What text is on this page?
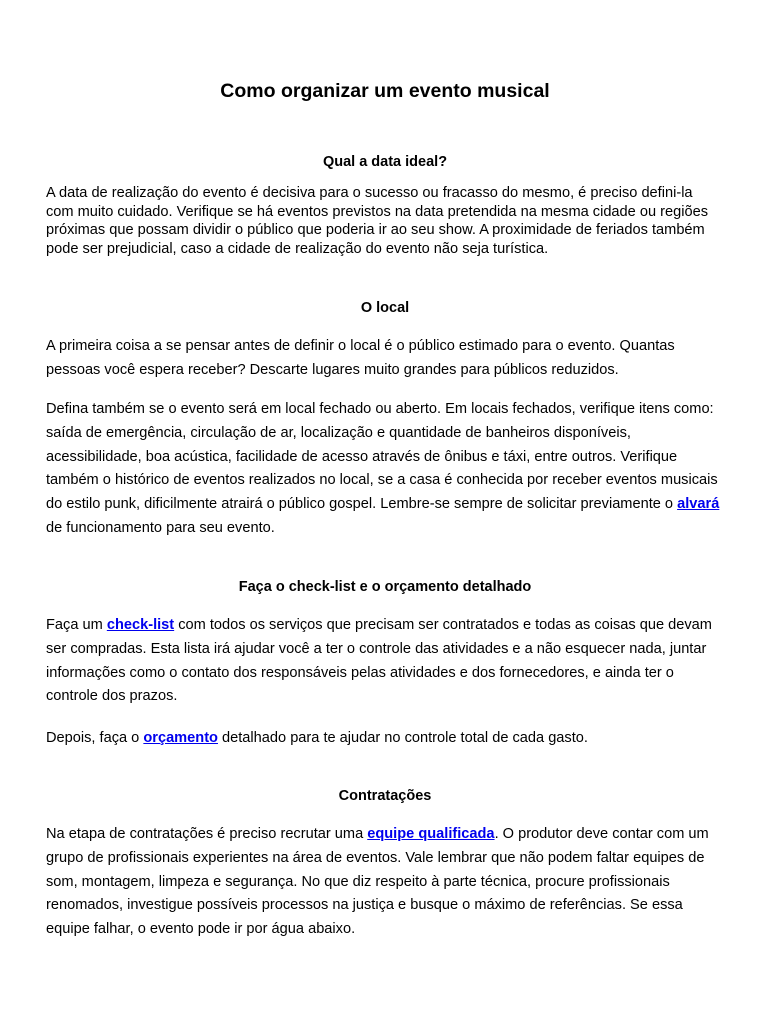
Como organizar um evento musical
Qual a data ideal?

A data de realização do evento é decisiva para o sucesso ou fracasso do mesmo, é preciso defini-la com muito cuidado. Verifique se há eventos previstos na data pretendida na mesma cidade ou regiões próximas que possam dividir o público que poderia ir ao seu show. A proximidade de feriados também pode ser prejudicial, caso a cidade de realização do evento não seja turística.

O local

A primeira coisa a se pensar antes de definir o local é o público estimado para o evento. Quantas pessoas você espera receber? Descarte lugares muito grandes para públicos reduzidos.

Defina também se o evento será em local fechado ou aberto. Em locais fechados, verifique itens como: saída de emergência, circulação de ar, localização e quantidade de banheiros disponíveis, acessibilidade, boa acústica, facilidade de acesso através de ônibus e táxi, entre outros. Verifique também o histórico de eventos realizados no local, se a casa é conhecida por receber eventos musicais do estilo punk, dificilmente atrairá o público gospel. Lembre-se sempre de solicitar previamente o alvará de funcionamento para seu evento.

Faça o check-list e o orçamento detalhado

Faça um check-list com todos os serviços que precisam ser contratados e todas as coisas que devam ser compradas. Esta lista irá ajudar você a ter o controle das atividades e a não esquecer nada, juntar informações como o contato dos responsáveis pelas atividades e dos fornecedores, e ainda ter o controle dos prazos.

Depois, faça o orçamento detalhado para te ajudar no controle total de cada gasto.

Contratações

Na etapa de contratações é preciso recrutar uma equipe qualificada. O produtor deve contar com um grupo de profissionais experientes na área de eventos. Vale lembrar que não podem faltar equipes de som, montagem, limpeza e segurança. No que diz respeito à parte técnica, procure profissionais renomados, investigue possíveis processos na justiça e busque o máximo de referências. Se essa equipe falhar, o evento pode ir por água abaixo.
